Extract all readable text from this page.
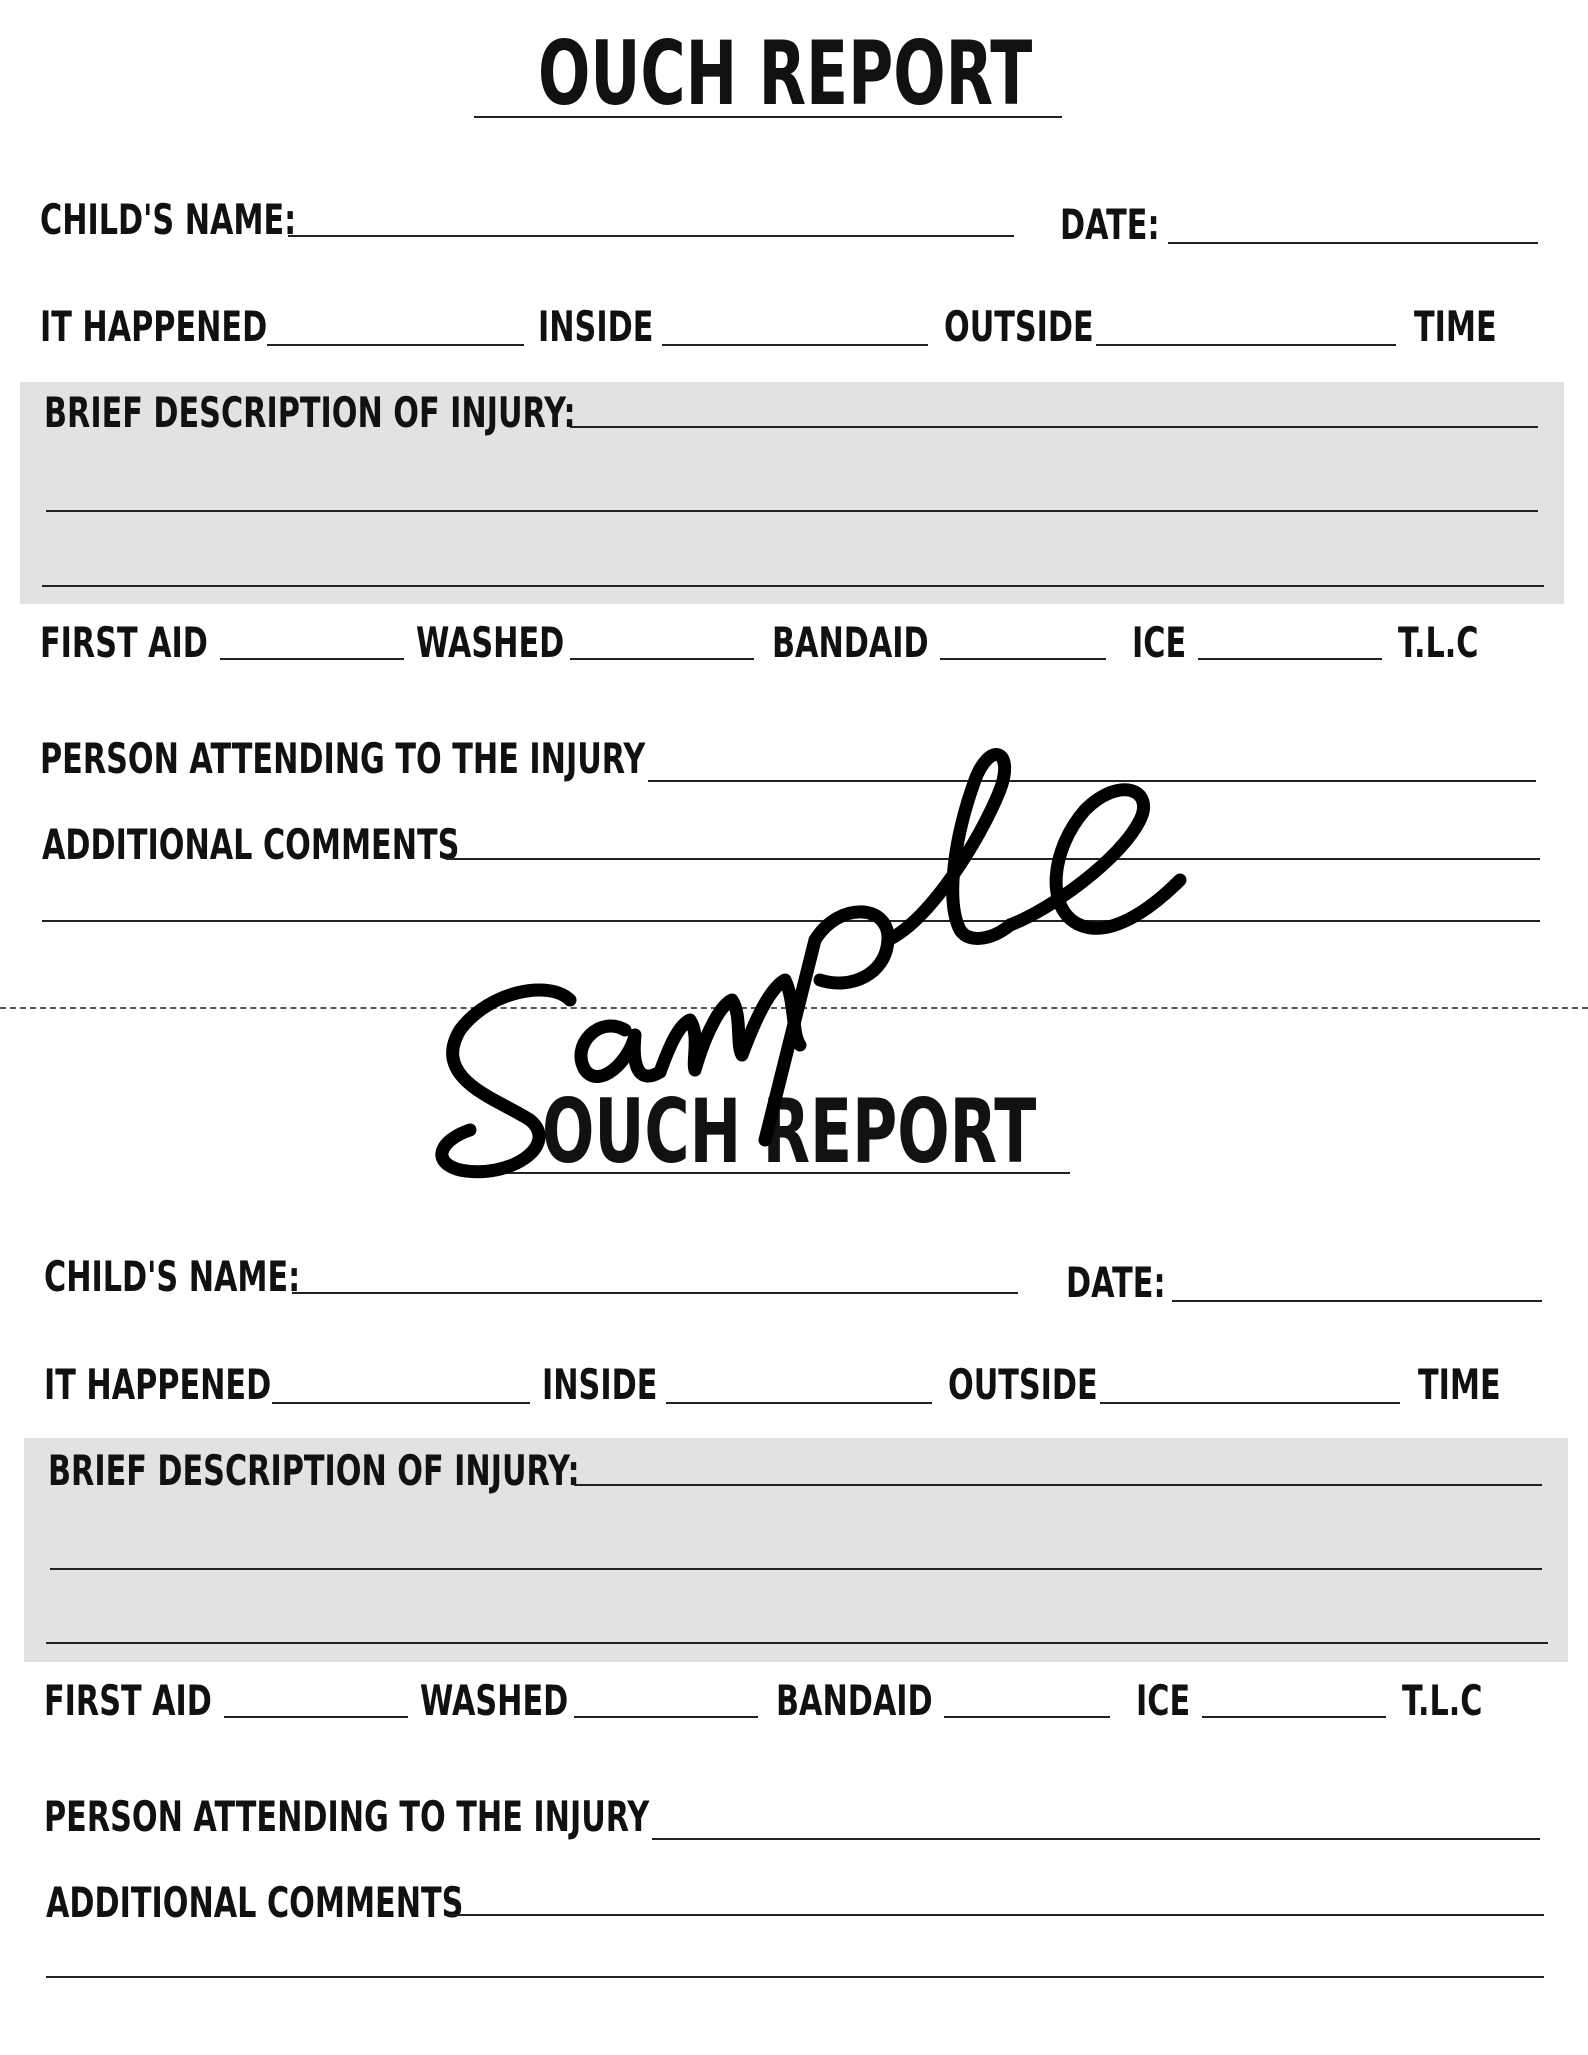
OUCH REPORT
CHILD'S NAME:	DATE:
IT HAPPENED	INSIDE	OUTSIDE	TIME
BRIEF DESCRIPTION OF INJURY:
FIRST AID	WASHED	BANDAID	ICE	T.L.C
PERSON ATTENDING TO THE INJURY
ADDITIONAL COMMENTS
OUCH REPORT
CHILD'S NAME:	DATE:
IT HAPPENED	INSIDE	OUTSIDE	TIME
BRIEF DESCRIPTION OF INJURY:
FIRST AID	WASHED	BANDAID	ICE	T.L.C
PERSON ATTENDING TO THE INJURY
ADDITIONAL COMMENTS
